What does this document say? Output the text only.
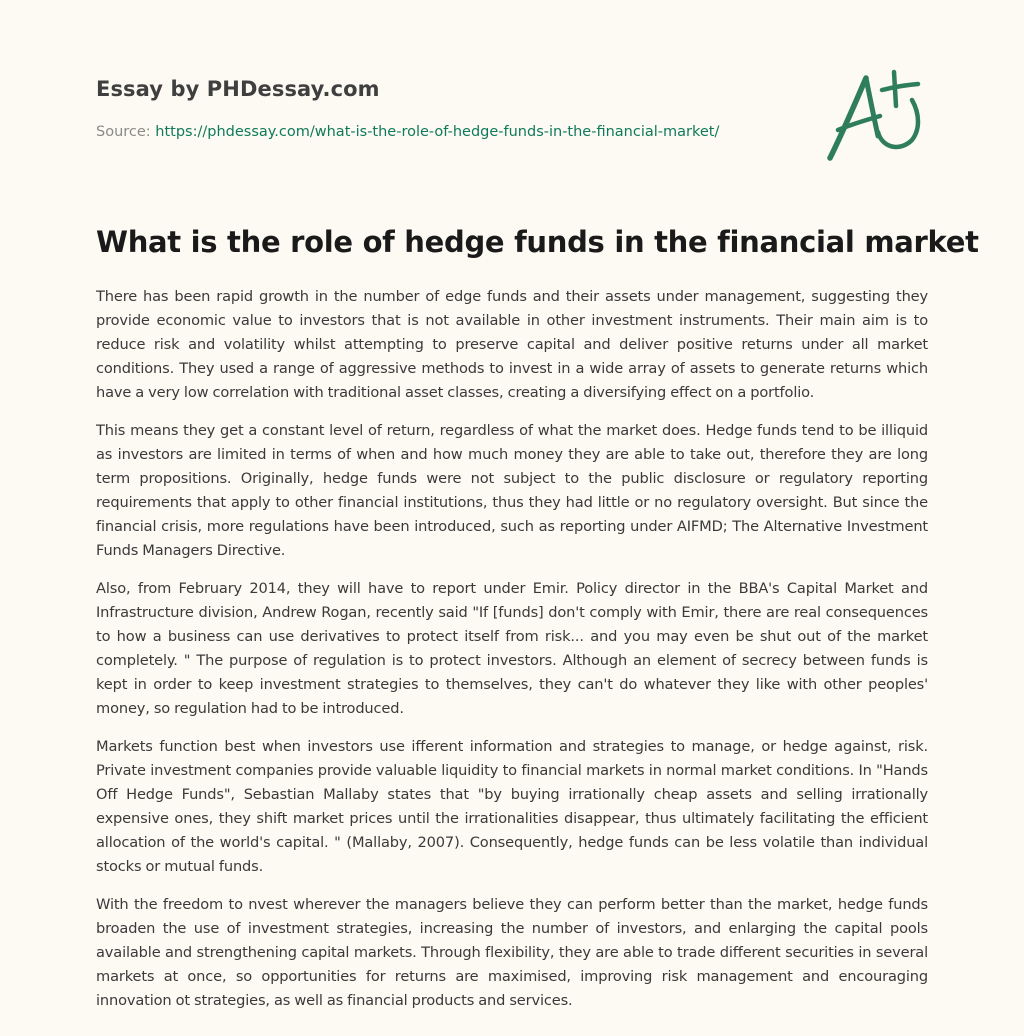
Essay by PHDessay.com

Source: https://phdessay.com/what-is-the-role-of-hedge-funds-in-the-financial-market/

What is the role of hedge funds in the financial market

There has been rapid growth in the number of edge funds and their assets under management, suggesting they provide economic value to investors that is not available in other investment instruments. Their main aim is to reduce risk and volatility whilst attempting to preserve capital and deliver positive returns under all market conditions. They used a range of aggressive methods to invest in a wide array of assets to generate returns which have a very low correlation with traditional asset classes, creating a diversifying effect on a portfolio.

This means they get a constant level of return, regardless of what the market does. Hedge funds tend to be illiquid as investors are limited in terms of when and how much money they are able to take out, therefore they are long term propositions. Originally, hedge funds were not subject to the public disclosure or regulatory reporting requirements that apply to other financial institutions, thus they had little or no regulatory oversight. But since the financial crisis, more regulations have been introduced, such as reporting under AIFMD; The Alternative Investment Funds Managers Directive.

Also, from February 2014, they will have to report under Emir. Policy director in the BBA's Capital Market and Infrastructure division, Andrew Rogan, recently said "If [funds] don't comply with Emir, there are real consequences to how a business can use derivatives to protect itself from risk... and you may even be shut out of the market completely. " The purpose of regulation is to protect investors. Although an element of secrecy between funds is kept in order to keep investment strategies to themselves, they can't do whatever they like with other peoples' money, so regulation had to be introduced.

Markets function best when investors use ifferent information and strategies to manage, or hedge against, risk. Private investment companies provide valuable liquidity to financial markets in normal market conditions. In "Hands Off Hedge Funds", Sebastian Mallaby states that "by buying irrationally cheap assets and selling irrationally expensive ones, they shift market prices until the irrationalities disappear, thus ultimately facilitating the efficient allocation of the world's capital. " (Mallaby, 2007). Consequently, hedge funds can be less volatile than individual stocks or mutual funds.

With the freedom to nvest wherever the managers believe they can perform better than the market, hedge funds broaden the use of investment strategies, increasing the number of investors, and enlarging the capital pools available and strengthening capital markets. Through flexibility, they are able to trade different securities in several markets at once, so opportunities for returns are maximised, improving risk management and encouraging innovation ot strategies, as well as financial products and services.
